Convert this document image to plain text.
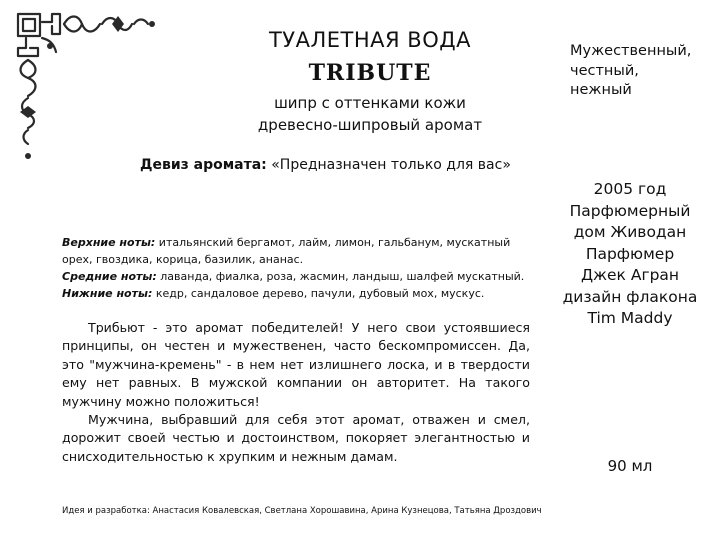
ТУАЛЕТНАЯ ВОДА
TRIBUTE
шипр с оттенками кожи
древесно-шипровый аромат
Девиз аромата: «Предназначен только для вас»
Верхние ноты: итальянский бергамот, лайм, лимон, гальбанум, мускатный орех, гвоздика, корица, базилик, ананас.
Средние ноты: лаванда, фиалка, роза, жасмин, ландыш, шалфей мускатный.
Нижние ноты: кедр, сандаловое дерево, пачули, дубовый мох, мускус.

Трибьют - это аромат победителей! У него свои устоявшиеся принципы, он честен и мужественен, часто бескомпромиссен. Да, это "мужчина-кремень" - в нем нет излишнего лоска, и в твердости ему нет равных. В мужской компании он авторитет. На такого мужчину можно положиться!

Мужчина, выбравший для себя этот аромат, отважен и смел, дорожит своей честью и достоинством, покоряет элегантностью и снисходительностью к хрупким и нежным дамам.

Идея и разработка: Анастасия Ковалевская, Светлана Хорошавина, Арина Кузнецова, Татьяна Дроздович
Мужественный,
честный,
нежный
2005 год
Парфюмерный
дом Живодан
Парфюмер
Джек Агран
дизайн флакона
Tim Maddy
90 мл
